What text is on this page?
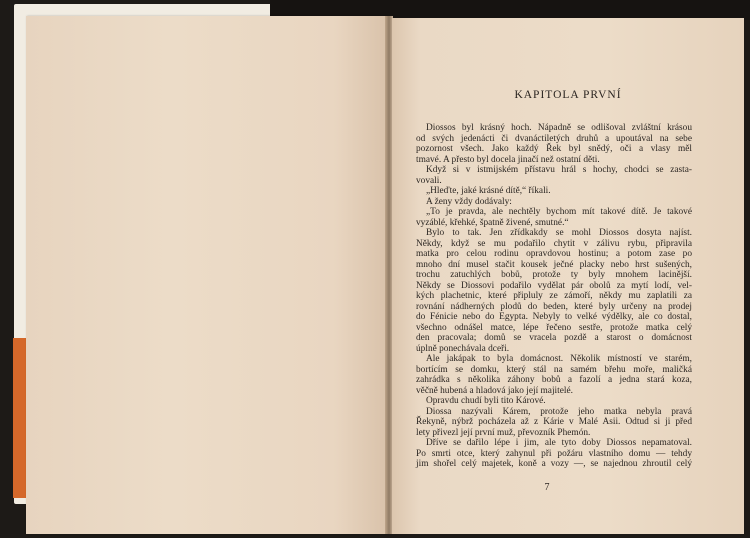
KAPITOLA PRVNÍ
Diossos byl krásný hoch. Nápadně se odlišoval zvláštní krásou
od svých jedenácti či dvanáctiletých druhů a upoutával na sebe
pozornost všech. Jako každý Řek byl snědý, oči a vlasy měl
tmavé. A přesto byl docela jinačí než ostatní děti.
Když si v istmijském přístavu hrál s hochy, chodci se zasta-
vovali.
„Hleďte, jaké krásné dítě,“ říkali.
A ženy vždy dodávaly:
„To je pravda, ale nechtěly bychom mít takové dítě. Je takové
vyzáblé, křehké, špatně živené, smutné.“
Bylo to tak. Jen zřídkakdy se mohl Diossos dosyta najíst.
Někdy, když se mu podařilo chytit v zálivu rybu, připravila
matka pro celou rodinu opravdovou hostinu; a potom zase po
mnoho dní musel stačit kousek ječné placky nebo hrst sušených,
trochu zatuchlých bobů, protože ty byly mnohem lacinější.
Někdy se Diossovi podařilo vydělat pár obolů za mytí lodí, vel-
kých plachetnic, které připluly ze zámoří, někdy mu zaplatili za
rovnání nádherných plodů do beden, které byly určeny na prodej
do Fénicie nebo do Egypta. Nebyly to velké výdělky, ale co dostal,
všechno odnášel matce, lépe řečeno sestře, protože matka celý
den pracovala; domů se vracela pozdě a starost o domácnost
úplně ponechávala dceři.
Ale jakápak to byla domácnost. Několik místností ve starém,
bortícím se domku, který stál na samém břehu moře, maličká
zahrádka s několika záhony bobů a fazolí a jedna stará koza,
věčně hubená a hladová jako její majitelé.
Opravdu chudí byli tito Kárové.
Diossa nazývali Kárem, protože jeho matka nebyla pravá
Řekyně, nýbrž pocházela až z Kárie v Malé Asii. Odtud si ji před
lety přivezl její první muž, převozník Phemón.
Dříve se dařilo lépe i jim, ale tyto doby Diossos nepamatoval.
Po smrti otce, který zahynul při požáru vlastního domu — tehdy
jim shořel celý majetek, koně a vozy —, se najednou zhroutil celý
7
